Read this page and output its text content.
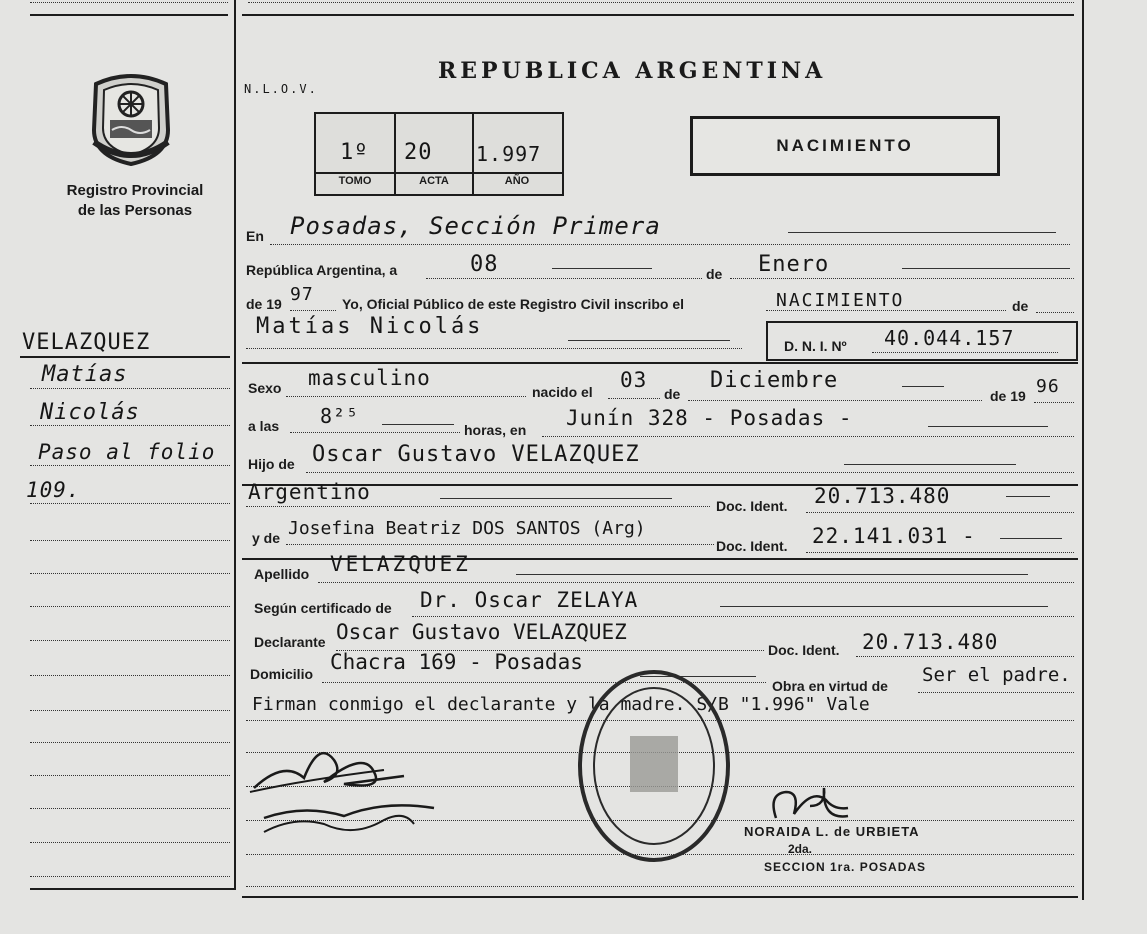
Registro Provincial
de las Personas
VELAZQUEZ
Matías
Nicolás
Paso al folio
109.
REPUBLICA ARGENTINA
N.L.O.V.
1º 20 1.997
TOMO	ACTA	AÑO
NACIMIENTO
En Posadas, Sección Primera
República Argentina, a	08	de Enero
de 19 97 Yo, Oficial Público de este Registro Civil inscribo el	NACIMIENTO	de
Matías Nicolás
D. N. I. Nº 40.044.157
Sexo masculino
nacido el 03
de
Diciembre
de 19 96
a las 8²⁵
horas, en Junín 328 - Posadas -
Hijo de Oscar Gustavo VELAZQUEZ
Argentino
Doc. Ident. 20.713.480
y de Josefina Beatriz DOS SANTOS (Arg)
Doc. Ident. 22.141.031 -
Apellido VELAZQUEZ
Según certificado de Dr. Oscar ZELAYA
Declarante Oscar Gustavo VELAZQUEZ
Doc. Ident. 20.713.480
Domicilio Chacra 169 - Posadas
Obra en virtud de Ser el padre.
Firman conmigo el declarante y la madre. S/B "1.996" Vale
NORAIDA L. de URBIETA
2da.
SECCION 1ra. POSADAS
